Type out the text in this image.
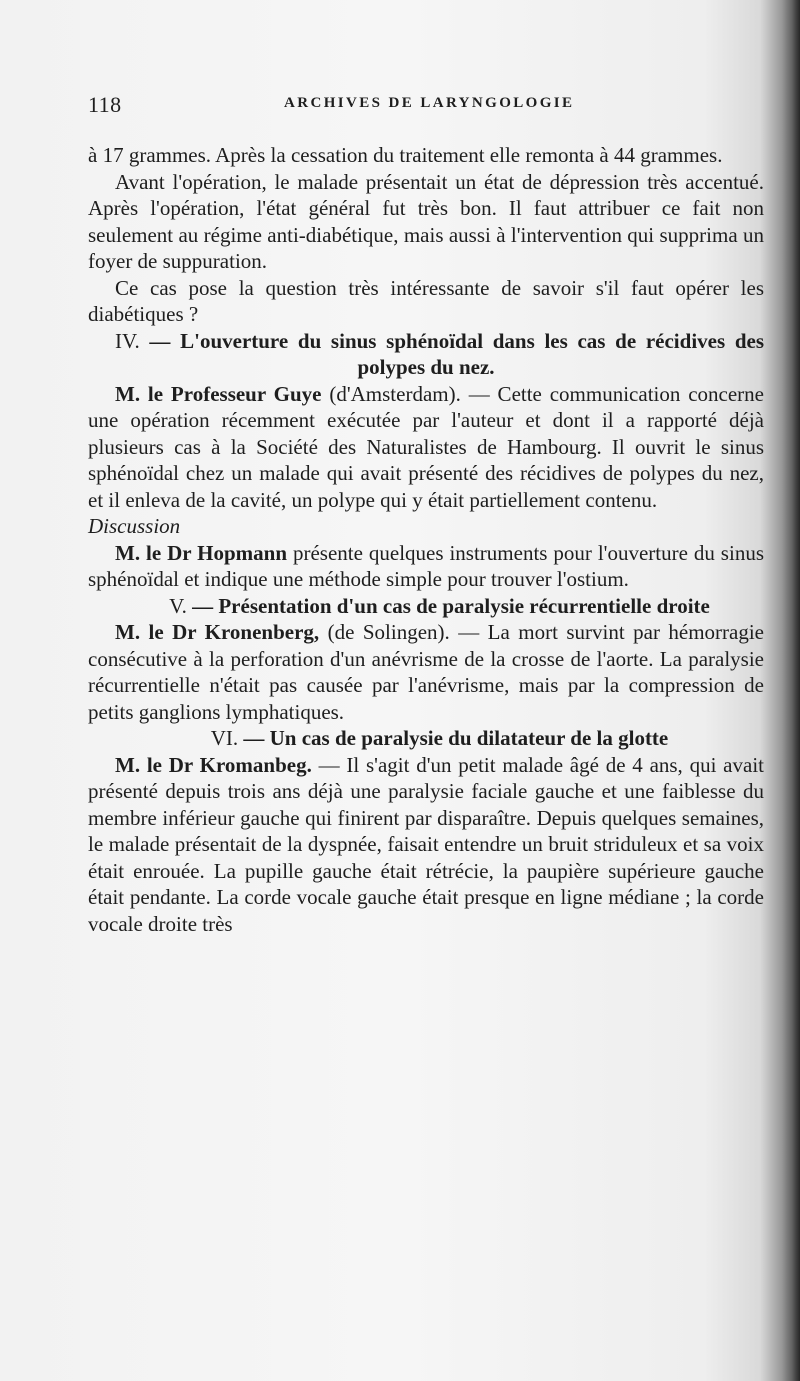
118	ARCHIVES DE LARYNGOLOGIE

à 17 grammes. Après la cessation du traitement elle remonta à 44 grammes.

Avant l'opération, le malade présentait un état de dépression très accentué. Après l'opération, l'état général fut très bon. Il faut attribuer ce fait non seulement au régime anti-diabétique, mais aussi à l'intervention qui supprima un foyer de suppuration.

Ce cas pose la question très intéressante de savoir s'il faut opérer les diabétiques ?

IV. — L'ouverture du sinus sphénoïdal dans les cas de récidives des polypes du nez.

M. le Professeur Guye (d'Amsterdam). — Cette communication concerne une opération récemment exécutée par l'auteur et dont il a rapporté déjà plusieurs cas à la Société des Naturalistes de Hambourg. Il ouvrit le sinus sphénoïdal chez un malade qui avait présenté des récidives de polypes du nez, et il enleva de la cavité, un polype qui y était partiellement contenu.

Discussion

M. le Dr Hopmann présente quelques instruments pour l'ouverture du sinus sphénoïdal et indique une méthode simple pour trouver l'ostium.

V. — Présentation d'un cas de paralysie récurrentielle droite

M. le Dr Kronenberg, (de Solingen). — La mort survint par hémorragie consécutive à la perforation d'un anévrisme de la crosse de l'aorte. La paralysie récurrentielle n'était pas causée par l'anévrisme, mais par la compression de petits ganglions lymphatiques.

VI. — Un cas de paralysie du dilatateur de la glotte

M. le Dr Kromanbeg. — Il s'agit d'un petit malade âgé de 4 ans, qui avait présenté depuis trois ans déjà une paralysie faciale gauche et une faiblesse du membre inférieur gauche qui finirent par disparaître. Depuis quelques semaines, le malade présentait de la dyspnée, faisait entendre un bruit striduleux et sa voix était enrouée. La pupille gauche était rétrécie, la paupière supérieure gauche était pendante. La corde vocale gauche était presque en ligne médiane ; la corde vocale droite très
